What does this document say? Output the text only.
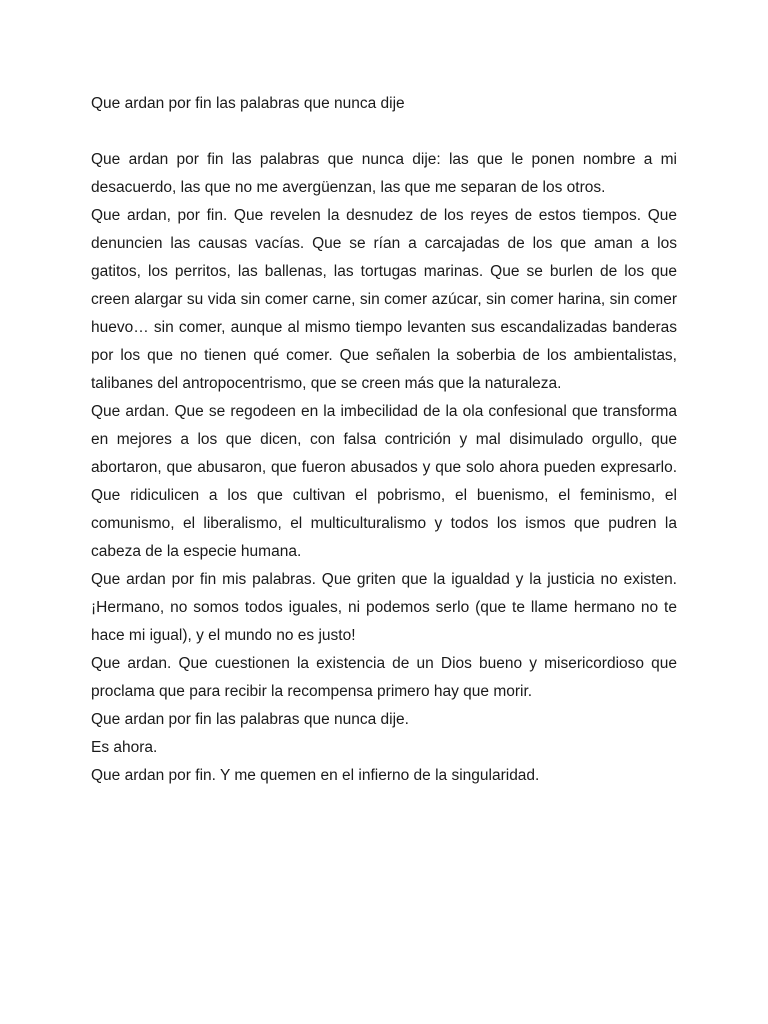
Que ardan por fin las palabras que nunca dije

Que ardan por fin las palabras que nunca dije: las que le ponen nombre a mi desacuerdo, las que no me avergüenzan, las que me separan de los otros.

Que ardan, por fin. Que revelen la desnudez de los reyes de estos tiempos. Que denuncien las causas vacías. Que se rían a carcajadas de los que aman a los gatitos, los perritos, las ballenas, las tortugas marinas. Que se burlen de los que creen alargar su vida sin comer carne, sin comer azúcar, sin comer harina, sin comer huevo… sin comer, aunque al mismo tiempo levanten sus escandalizadas banderas por los que no tienen qué comer. Que señalen la soberbia de los ambientalistas, talibanes del antropocentrismo, que se creen más que la naturaleza.

Que ardan. Que se regodeen en la imbecilidad de la ola confesional que transforma en mejores a los que dicen, con falsa contrición y mal disimulado orgullo, que abortaron, que abusaron, que fueron abusados y que solo ahora pueden expresarlo. Que ridiculicen a los que cultivan el pobrismo, el buenismo, el feminismo, el comunismo, el liberalismo, el multiculturalismo y todos los ismos que pudren la cabeza de la especie humana.

Que ardan por fin mis palabras. Que griten que la igualdad y la justicia no existen. ¡Hermano, no somos todos iguales, ni podemos serlo (que te llame hermano no te hace mi igual), y el mundo no es justo!

Que ardan. Que cuestionen la existencia de un Dios bueno y misericordioso que proclama que para recibir la recompensa primero hay que morir.

Que ardan por fin las palabras que nunca dije.

Es ahora.

Que ardan por fin. Y me quemen en el infierno de la singularidad.
